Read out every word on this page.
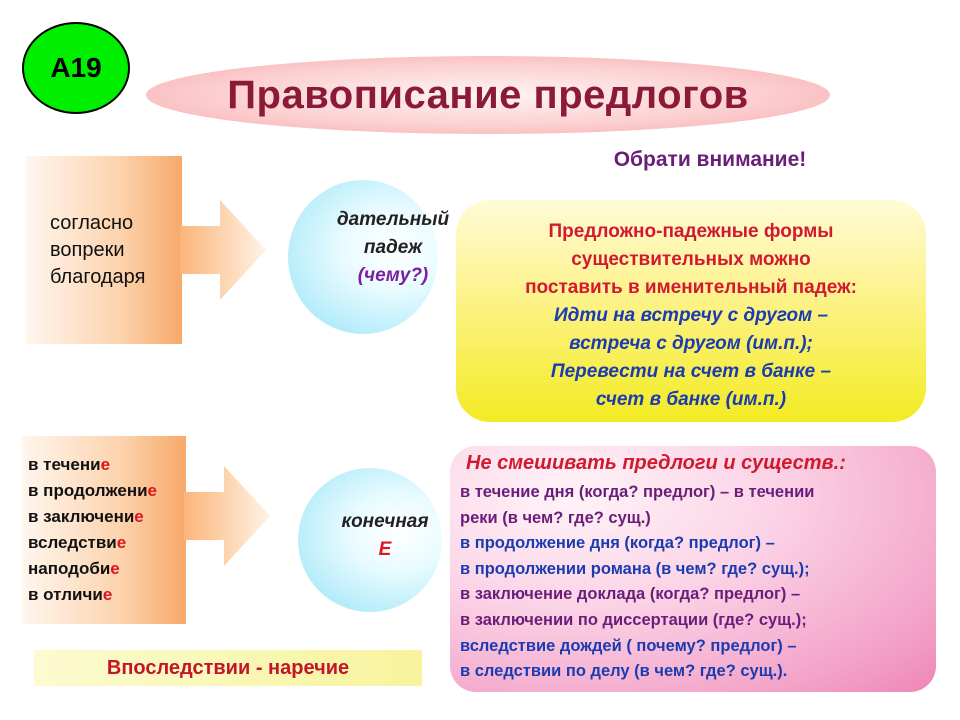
А19
Правописание предлогов
Обрати внимание!
согласно
вопреки
благодаря
дательный
падеж
(чему?)
Предложно-падежные формы
существительных можно
поставить в именительный падеж:
Идти на встречу с другом –
встреча с другом (им.п.);
Перевести на счет в банке –
счет в банке (им.п.)
в течение
в продолжение
в заключение
вследствие
наподобие
в отличие
конечная
Е
Не смешивать предлоги и существ.:
в течение дня (когда? предлог) – в течении
реки (в чем? где? сущ.)
в продолжение дня (когда? предлог) –
в продолжении романа (в чем? где? сущ.);
в заключение доклада (когда? предлог) –
в заключении по диссертации (где? сущ.);
вследствие дождей ( почему? предлог) –
в следствии по делу (в чем? где? сущ.).
Впоследствии - наречие
